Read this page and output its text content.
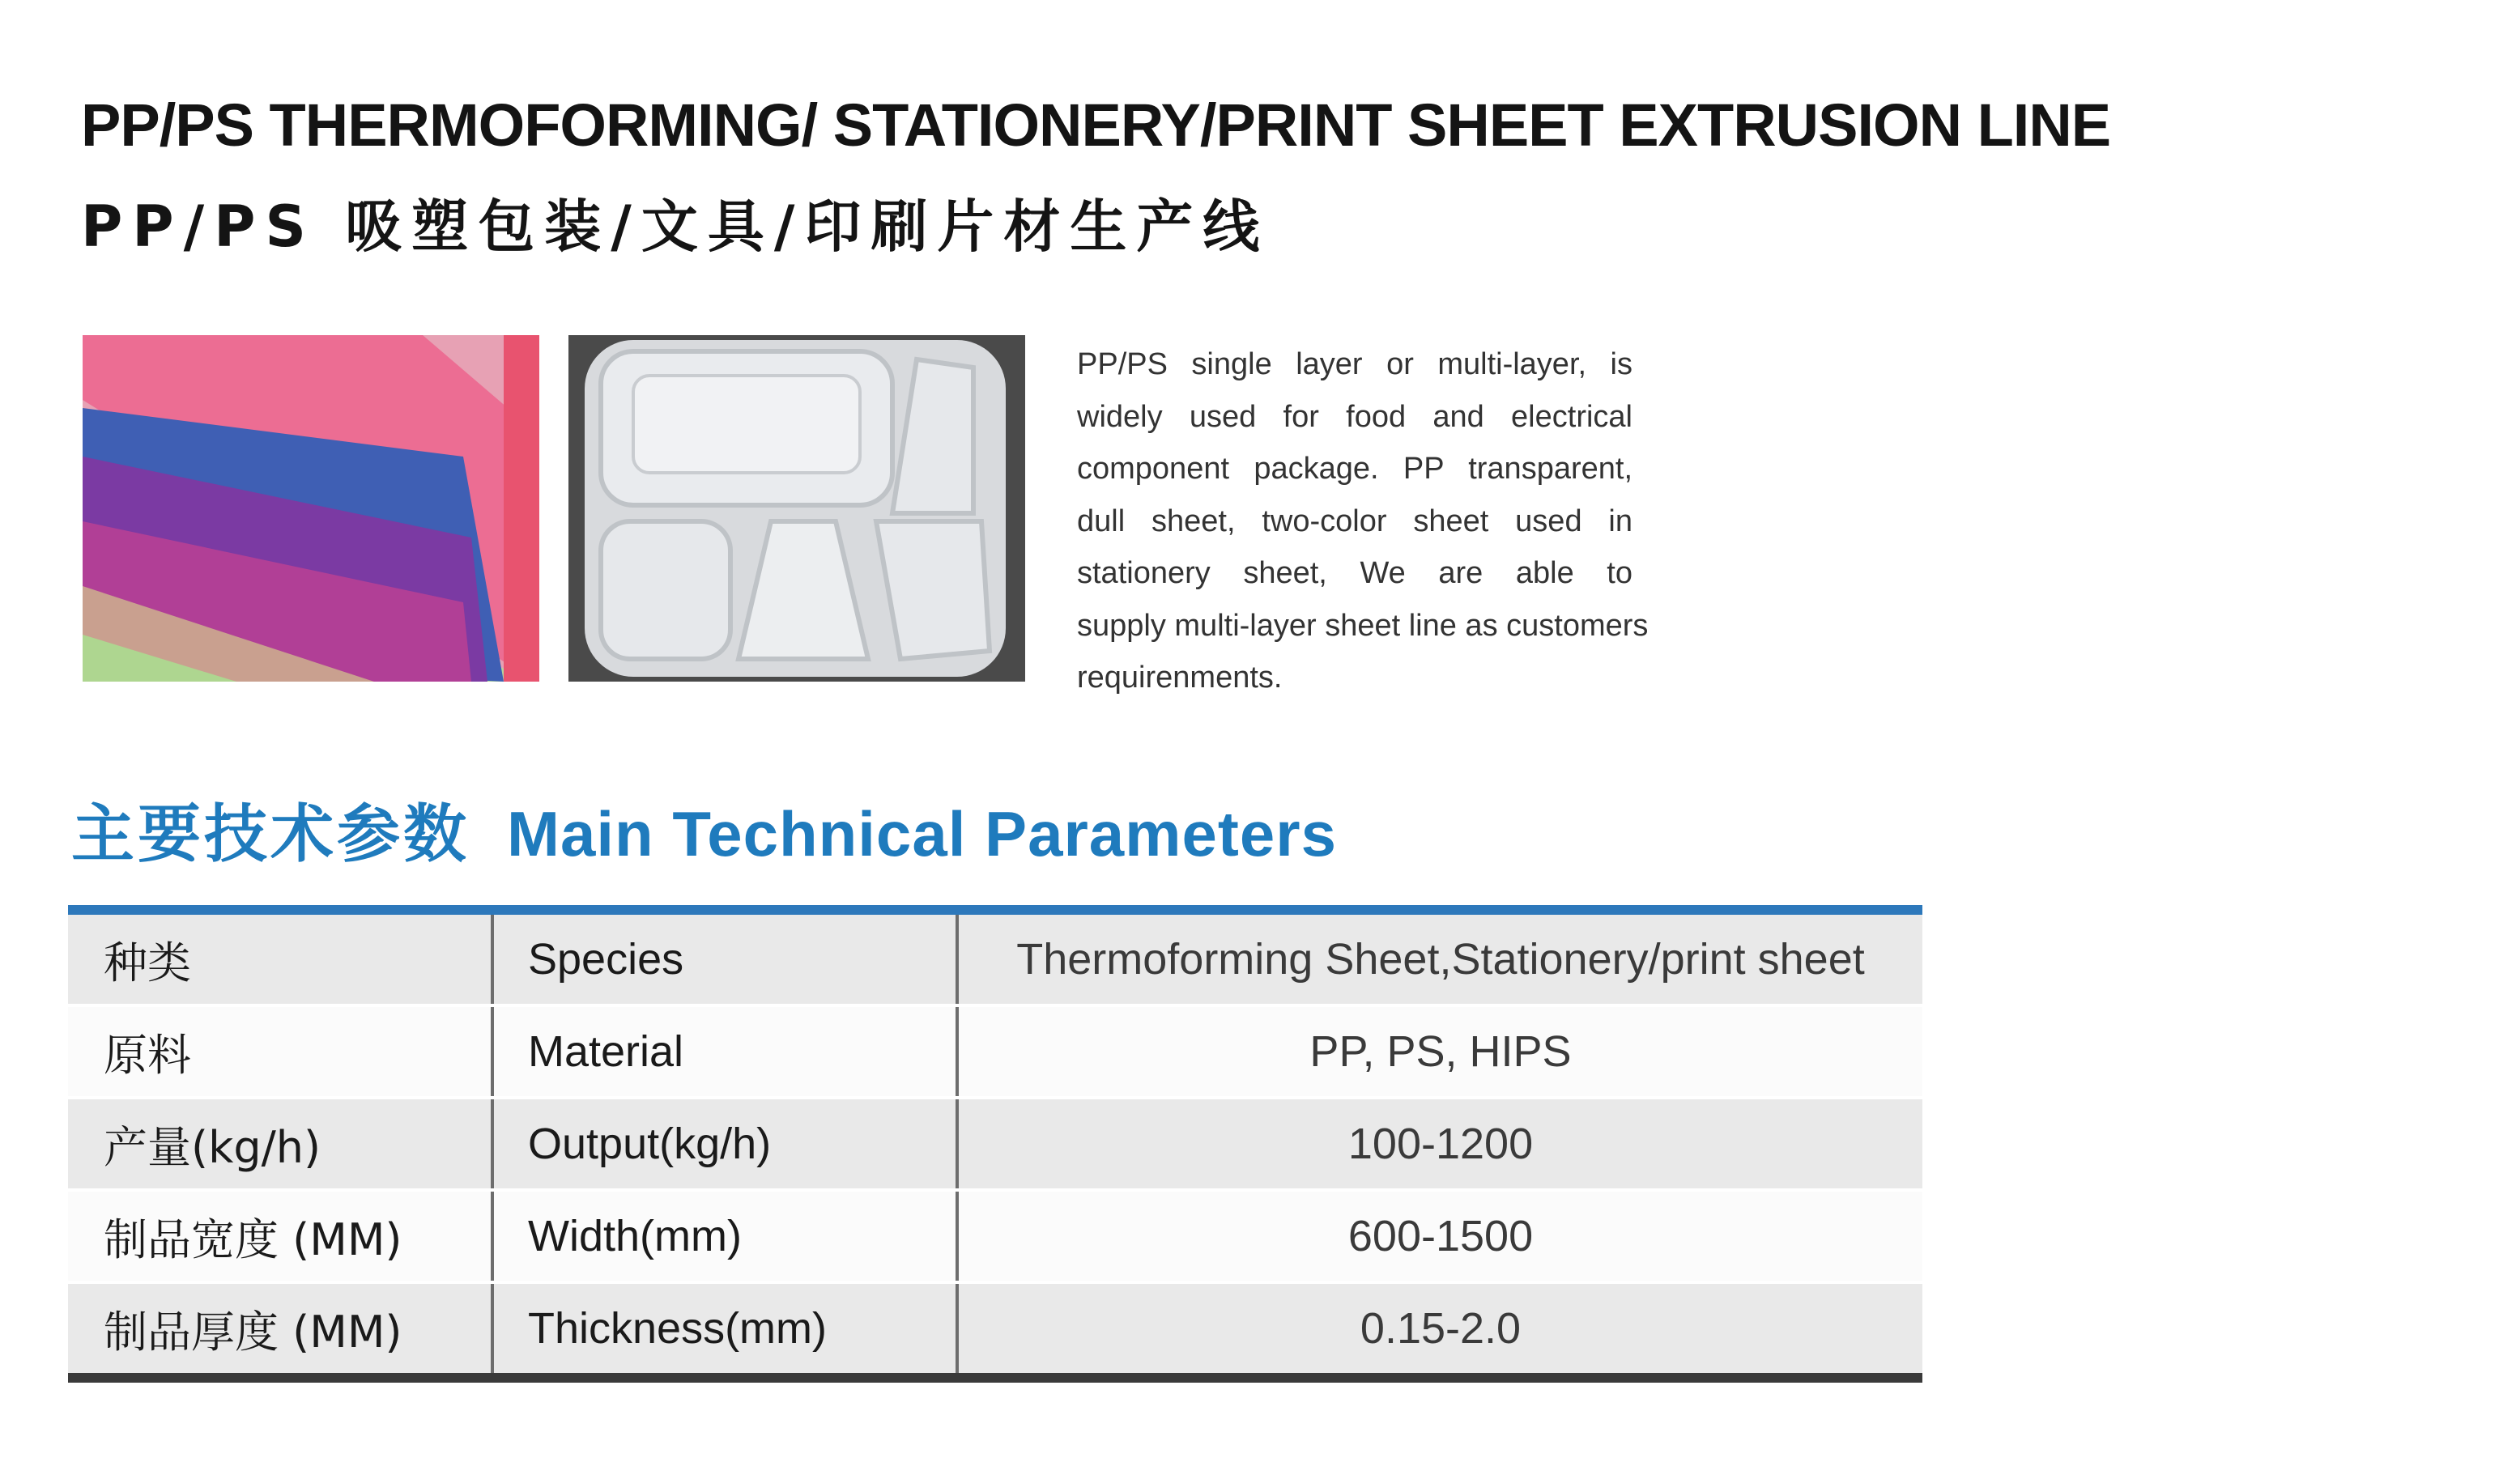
PP/PS THERMOFORMING/ STATIONERY/PRINT SHEET EXTRUSION LINE
PP/PS 吸塑包装/文具/印刷片材生产线
PP/PS single layer or multi-layer, is
widely used for food and electrical
component package. PP transparent,
dull sheet, two-color sheet used in
stationery sheet, We are able to
supply multi-layer sheet line as customers
requirenments.
主要技术参数 Main Technical Parameters
种类	Species	Thermoforming Sheet,Stationery/print sheet
原料	Material	PP, PS, HIPS
产量(kg/h)	Output(kg/h)	100-1200
制品宽度 (MM)	Width(mm)	600-1500
制品厚度 (MM)	Thickness(mm)	0.15-2.0
